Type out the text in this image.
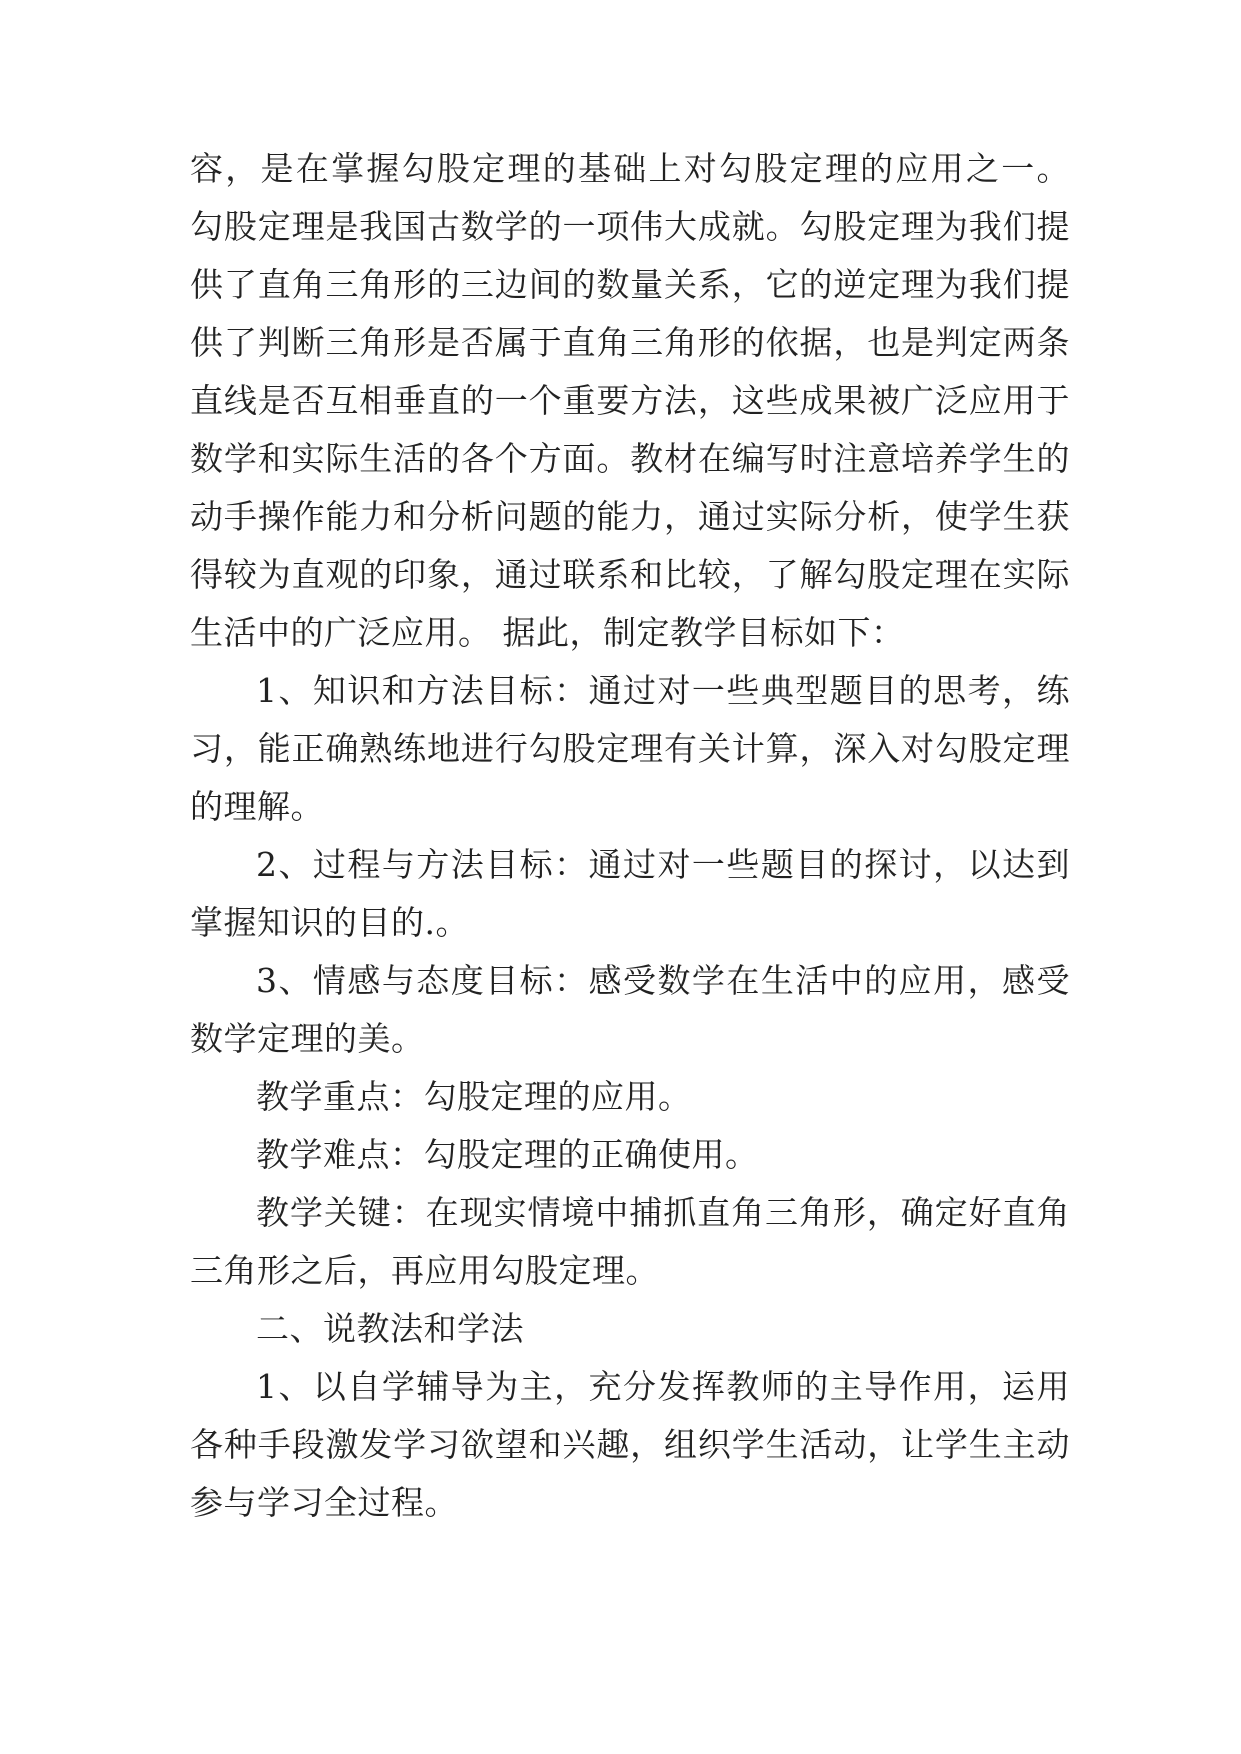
容，是在掌握勾股定理的基础上对勾股定理的应用之一。
勾股定理是我国古数学的一项伟大成就。勾股定理为我们提
供了直角三角形的三边间的数量关系，它的逆定理为我们提
供了判断三角形是否属于直角三角形的依据，也是判定两条
直线是否互相垂直的一个重要方法，这些成果被广泛应用于
数学和实际生活的各个方面。教材在编写时注意培养学生的
动手操作能力和分析问题的能力，通过实际分析，使学生获
得较为直观的印象，通过联系和比较，了解勾股定理在实际
生活中的广泛应用。 据此，制定教学目标如下：
1、知识和方法目标：通过对一些典型题目的思考，练
习，能正确熟练地进行勾股定理有关计算，深入对勾股定理
的理解。
2、过程与方法目标：通过对一些题目的探讨，以达到
掌握知识的目的.。
3、情感与态度目标：感受数学在生活中的应用，感受
数学定理的美。
教学重点：勾股定理的应用。
教学难点：勾股定理的正确使用。
教学关键：在现实情境中捕抓直角三角形，确定好直角
三角形之后，再应用勾股定理。
二、说教法和学法
1、以自学辅导为主，充分发挥教师的主导作用，运用
各种手段激发学习欲望和兴趣，组织学生活动，让学生主动
参与学习全过程。
